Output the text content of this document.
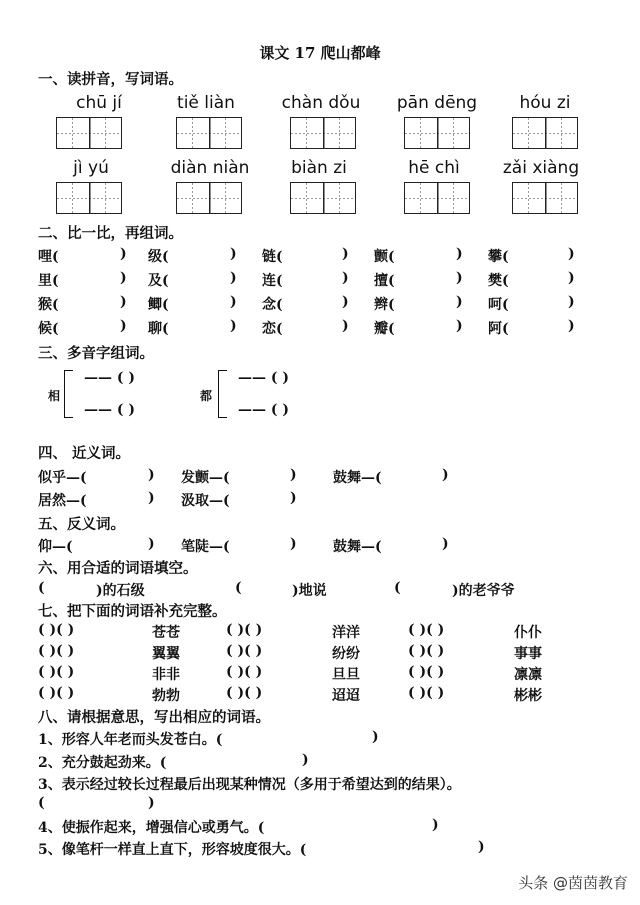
课文 17 爬山都峰
一、读拼音，写词语。
chū jí	tiě liàn	chàn dǒu	pān dēng	hóu zi
jì yú	diàn niàn	biàn zi	hē chì	zǎi xiàng
二、比一比，再组词。
哩(	) 级(	) 链(	) 颤(	) 攀(	)
里(	) 及(	) 连(	) 擅(	) 樊(	)
猴(	) 鲫(	) 念(	) 辫(	) 呵(	)
候(	) 聊(	) 恋(	) 瓣(	) 阿(	)
三、多音字组词。
相
—— ( )
—— ( )
都
—— ( )
—— ( )
四、 近义词。
似乎—(	) 发颤—(	)	鼓舞—(	)
居然—(	) 汲取—(	)
五、反义词。
仰—(	) 笔陡—(	)	鼓舞—(	)
六、用合适的词语填空。
(	)的石级	(	)地说	(	)的老爷爷
七、把下面的词语补充完整。
( )( )	苍苍	( )( )	洋洋	( )( )	仆仆
( )( )	翼翼	( )( )	纷纷	( )( )	事事
( )( )	非非	( )( )	旦旦	( )( )	凛凛
( )( )	勃勃	( )( )	迢迢	( )( )	彬彬
八、请根据意思，写出相应的词语。
1、形容人年老而头发苍白。(	)
2、充分鼓起劲来。(	)
3、表示经过较长过程最后出现某种情况（多用于希望达到的结果）。
(	)
4、使振作起来，增强信心或勇气。(	)
5、像笔杆一样直上直下，形容坡度很大。(	)
头条 @茵茵教育
